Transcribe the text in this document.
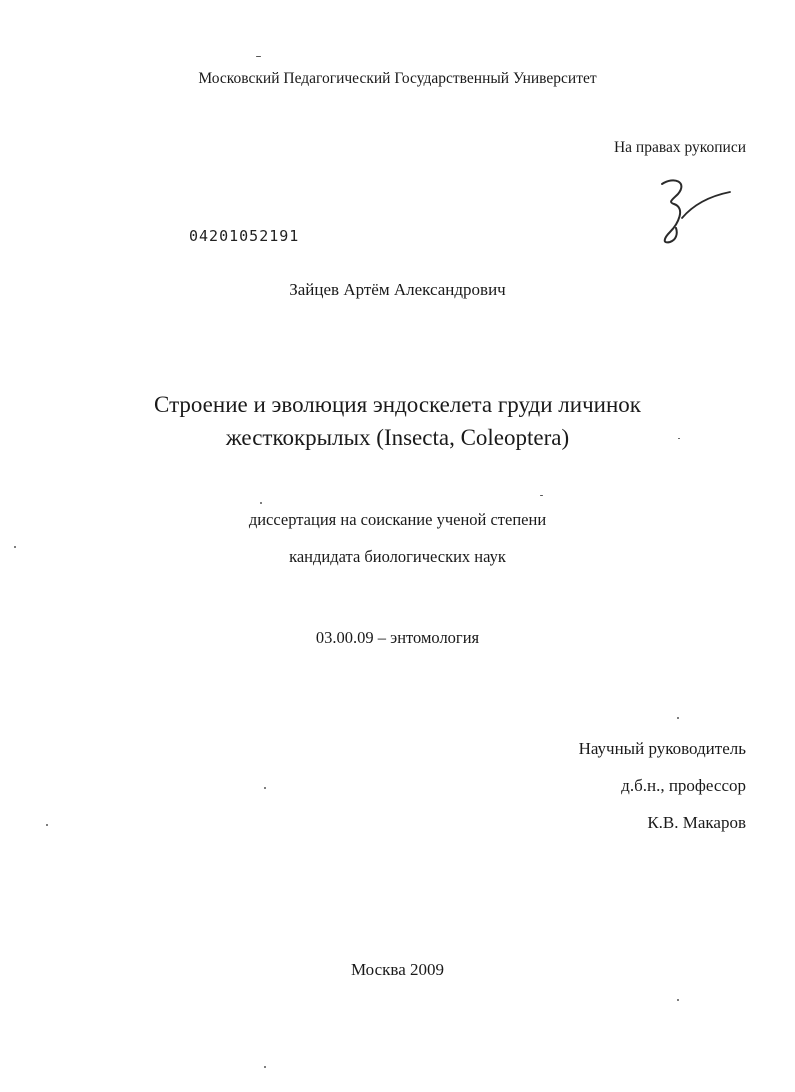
Московский Педагогический Государственный Университет
На правах рукописи
04201052191
Зайцев Артём Александрович
Строение и эволюция эндоскелета груди личинок
жесткокрылых (Insecta, Coleoptera)
диссертация на соискание ученой степени
кандидата биологических наук
03.00.09 – энтомология
Научный руководитель
д.б.н., профессор
К.В. Макаров
Москва 2009
